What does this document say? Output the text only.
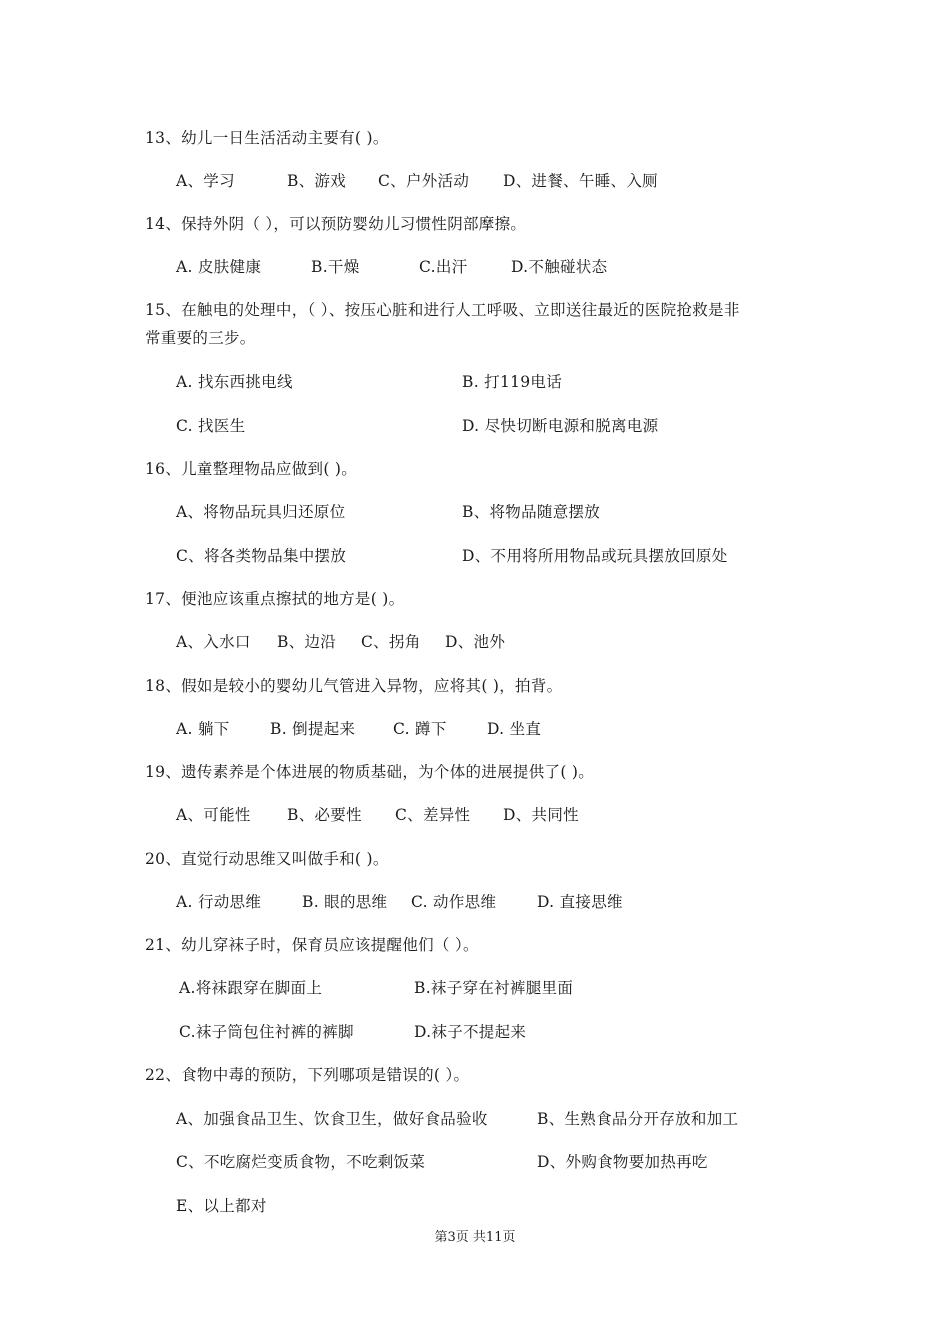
13、幼儿一日生活活动主要有( )。
A、学习	B、游戏 C、户外活动 D、进餐、午睡、入厕
14、保持外阴（ ），可以预防婴幼儿习惯性阴部摩擦。
A. 皮肤健康	B.干燥	C.出汗	D.不触碰状态
15、在触电的处理中，（ ）、按压心脏和进行人工呼吸、立即送往最近的医院抢救是非
常重要的三步。
A. 找东西挑电线	B. 打119电话
C. 找医生	D. 尽快切断电源和脱离电源
16、儿童整理物品应做到( )。
A、将物品玩具归还原位	B、将物品随意摆放
C、将各类物品集中摆放	D、不用将所用物品或玩具摆放回原处
17、便池应该重点擦拭的地方是( )。
A、入水口 B、边沿 C、拐角 D、池外
18、假如是较小的婴幼儿气管进入异物，应将其( )，拍背。
A. 躺下	B. 倒提起来 C. 蹲下	D. 坐直
19、遗传素养是个体进展的物质基础，为个体的进展提供了( )。
A、可能性 B、必要性 C、差异性 D、共同性
20、直觉行动思维又叫做手和( )。
A. 行动思维	B. 眼的思维 C. 动作思维	D. 直接思维
21、幼儿穿袜子时，保育员应该提醒他们（ ）。
A.将袜跟穿在脚面上	B.袜子穿在衬裤腿里面
C.袜子筒包住衬裤的裤脚	D.袜子不提起来
22、食物中毒的预防，下列哪项是错误的( ）。
A、加强食品卫生、饮食卫生，做好食品验收	B、生熟食品分开存放和加工
C、不吃腐烂变质食物，不吃剩饭菜	D、外购食物要加热再吃
E、以上都对
第3页 共11页
